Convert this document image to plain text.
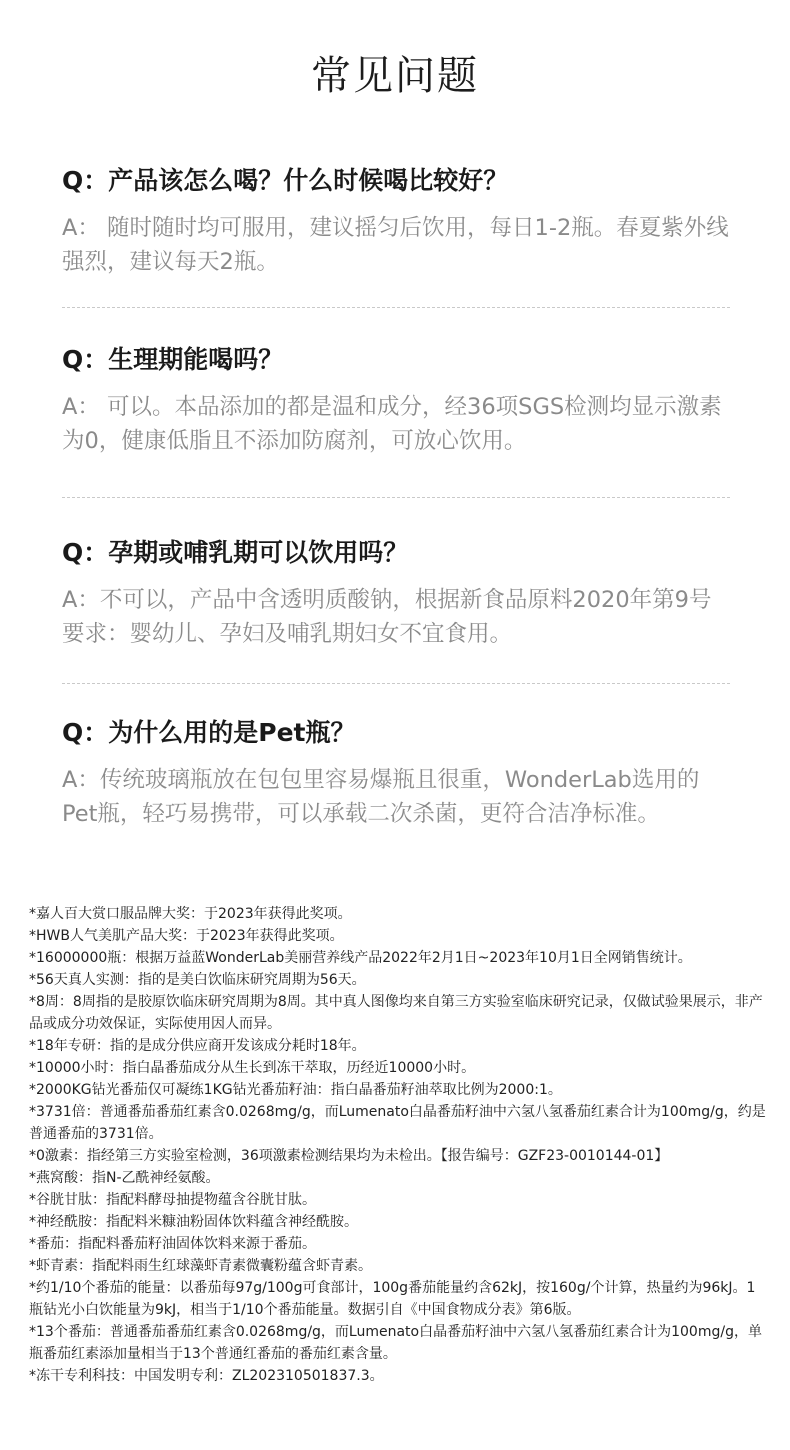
常见问题
Q：产品该怎么喝？什么时候喝比较好？
A： 随时随时均可服用，建议摇匀后饮用，每日1-2瓶。春夏紫外线强烈，建议每天2瓶。
Q：生理期能喝吗？
A： 可以。本品添加的都是温和成分，经36项SGS检测均显示激素为0，健康低脂且不添加防腐剂，可放心饮用。
Q：孕期或哺乳期可以饮用吗？
A：不可以，产品中含透明质酸钠，根据新食品原料2020年第9号要求：婴幼儿、孕妇及哺乳期妇女不宜食用。
Q：为什么用的是Pet瓶？
A：传统玻璃瓶放在包包里容易爆瓶且很重，WonderLab选用的Pet瓶，轻巧易携带，可以承载二次杀菌，更符合洁净标准。

*嘉人百大赏口服品牌大奖：于2023年获得此奖项。

*HWB人气美肌产品大奖：于2023年获得此奖项。

*16000000瓶：根据万益蓝WonderLab美丽营养线产品2022年2月1日~2023年10月1日全网销售统计。

*56天真人实测：指的是美白饮临床研究周期为56天。

*8周：8周指的是胶原饮临床研究周期为8周。其中真人图像均来自第三方实验室临床研究记录，仅做试验果展示，非产品或成分功效保证，实际使用因人而异。

*18年专研：指的是成分供应商开发该成分耗时18年。

*10000小时：指白晶番茄成分从生长到冻干萃取，历经近10000小时。

*2000KG钻光番茄仅可凝练1KG钻光番茄籽油：指白晶番茄籽油萃取比例为2000:1。

*3731倍：普通番茄番茄红素含0.0268mg/g，而Lumenato白晶番茄籽油中六氢八氢番茄红素合计为100mg/g，约是普通番茄的3731倍。

*0激素：指经第三方实验室检测，36项激素检测结果均为未检出。【报告编号：GZF23-0010144-01】

*燕窝酸：指N-乙酰神经氨酸。

*谷胱甘肽：指配料酵母抽提物蕴含谷胱甘肽。

*神经酰胺：指配料米糠油粉固体饮料蕴含神经酰胺。

*番茄：指配料番茄籽油固体饮料来源于番茄。

*虾青素：指配料雨生红球藻虾青素微囊粉蕴含虾青素。

*约1/10个番茄的能量：以番茄每97g/100g可食部计，100g番茄能量约含62kJ，按160g/个计算，热量约为96kJ。1瓶钻光小白饮能量为9kJ，相当于1/10个番茄能量。数据引自《中国食物成分表》第6版。

*13个番茄：普通番茄番茄红素含0.0268mg/g，而Lumenato白晶番茄籽油中六氢八氢番茄红素合计为100mg/g，单瓶番茄红素添加量相当于13个普通红番茄的番茄红素含量。

*冻干专利科技：中国发明专利：ZL202310501837.3。
